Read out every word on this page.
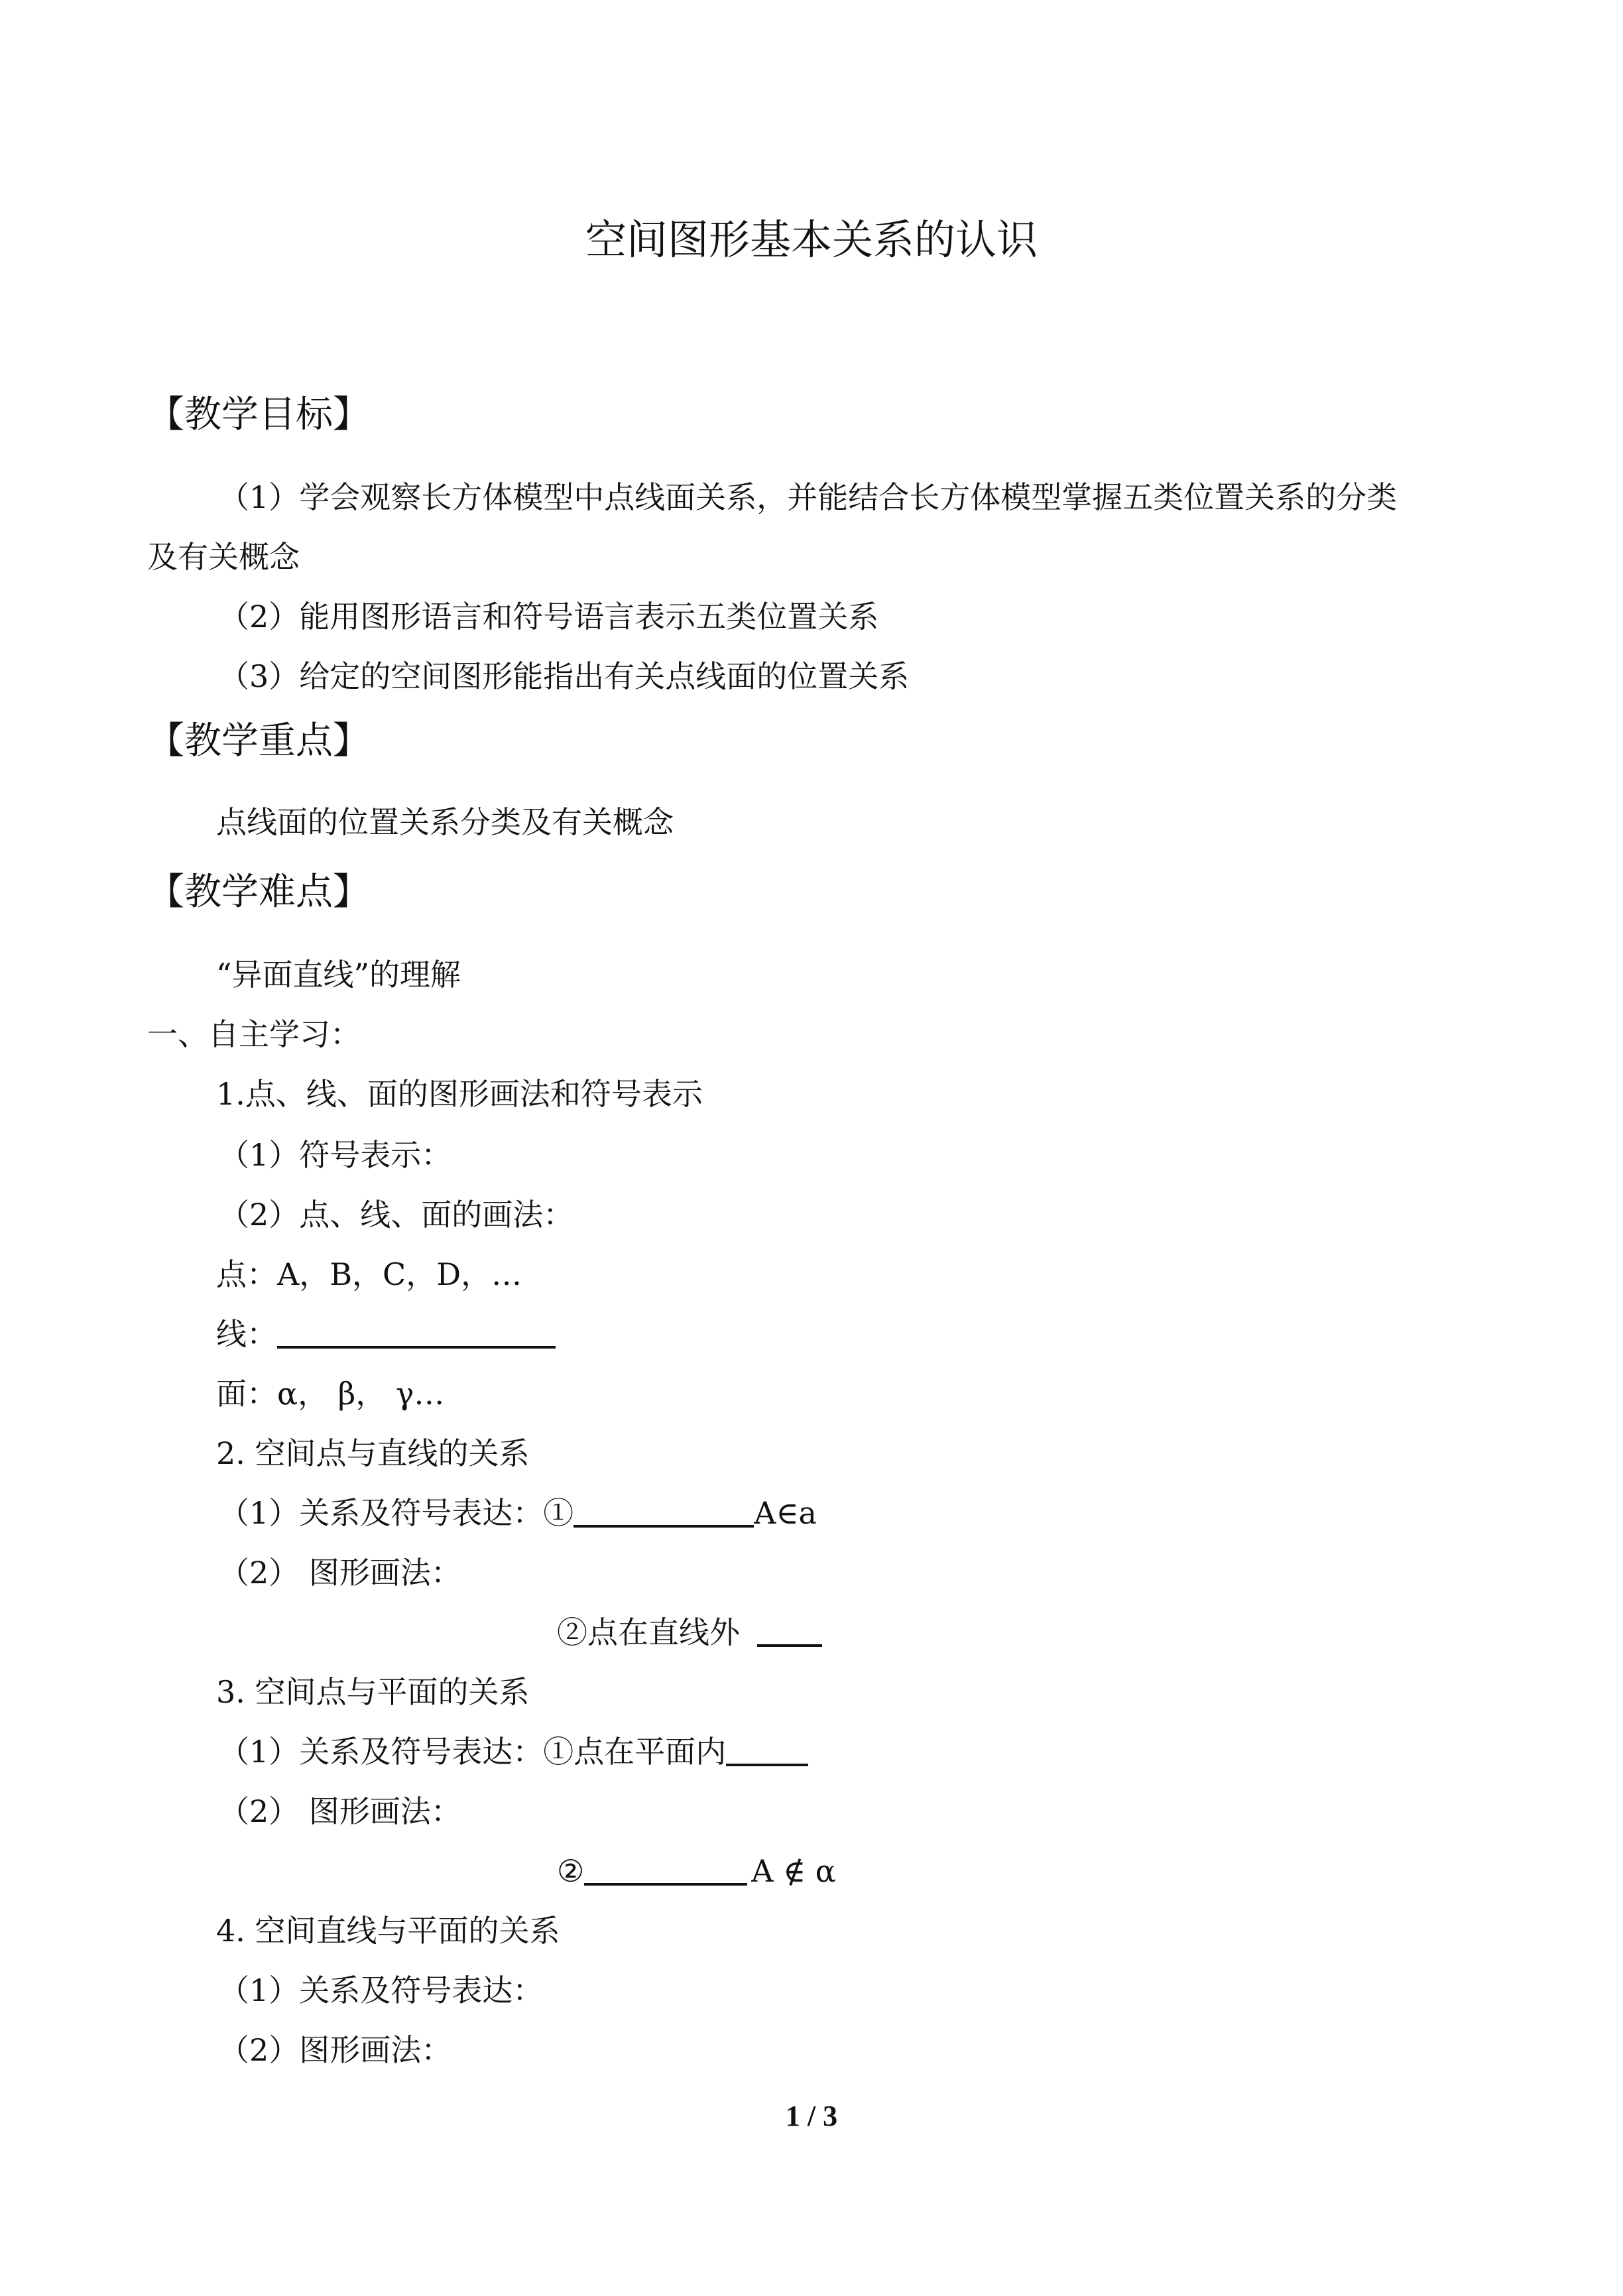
空间图形基本关系的认识
【教学目标】
（1）学会观察长方体模型中点线面关系，并能结合长方体模型掌握五类位置关系的分类
及有关概念
（2）能用图形语言和符号语言表示五类位置关系
（3）给定的空间图形能指出有关点线面的位置关系
【教学重点】
点线面的位置关系分类及有关概念
【教学难点】
“异面直线”的理解
一、自主学习：
1.点、线、面的图形画法和符号表示
（1）符号表示：
（2）点、线、面的画法：
点：A，B，C，D，…
线：
面：α， β， γ…
2. 空间点与直线的关系
（1）关系及符号表达：①	A∈a
（2） 图形画法：
②点在直线外
3. 空间点与平面的关系
（1）关系及符号表达：①点在平面内
（2） 图形画法：
②	A ∉ α
4. 空间直线与平面的关系
（1）关系及符号表达：
（2）图形画法：
1 / 3
